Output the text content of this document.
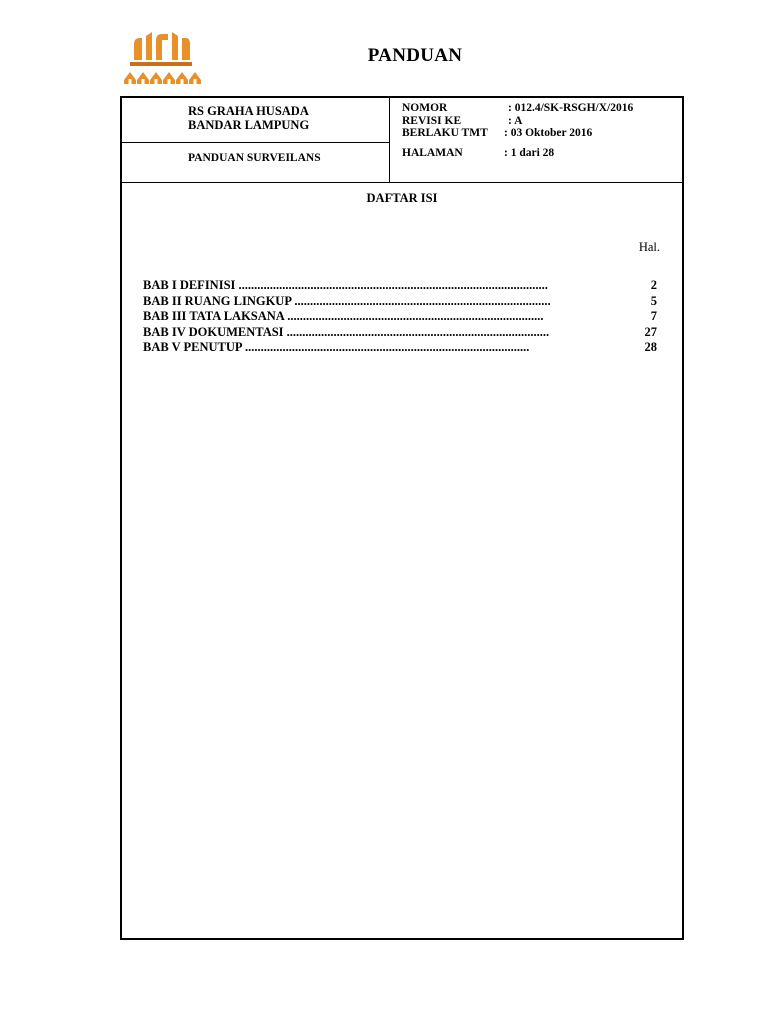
PANDUAN
RS GRAHA HUSADA
BANDAR LAMPUNG
PANDUAN SURVEILANS
NOMOR	: 012.4/SK-RSGH/X/2016
REVISI KE	: A
BERLAKU TMT : 03 Oktober 2016
HALAMAN	: 1 dari 28
DAFTAR ISI
Hal.
BAB I DEFINISI ...................................................................................................	2
BAB II RUANG LINGKUP ..................................................................................	5
BAB III TATA LAKSANA ..................................................................................	7
BAB IV DOKUMENTASI ....................................................................................	27
BAB V PENUTUP ...........................................................................................	28
